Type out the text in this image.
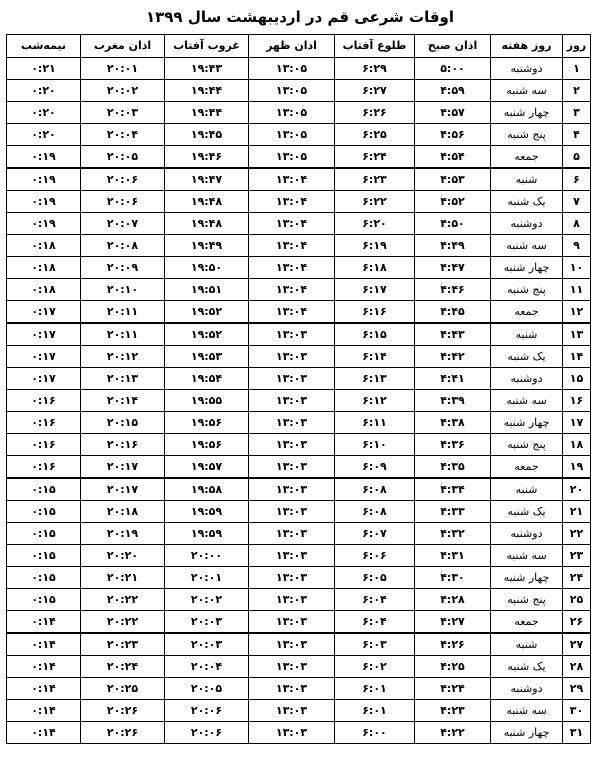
اوقات شرعی قم در اردیبهشت سال ۱۳۹۹
روز	روز هفته	اذان صبح	طلوع آفتاب	اذان ظهر	غروب آفتاب	اذان مغرب	نیمه‌شب
۱	دوشنبه	۵:۰۰	۶:۲۹	۱۳:۰۵	۱۹:۴۳	۲۰:۰۱	۰:۲۱
۲	سه شنبه	۴:۵۹	۶:۲۷	۱۳:۰۵	۱۹:۴۴	۲۰:۰۲	۰:۲۰
۳	چهار شنبه	۴:۵۷	۶:۲۶	۱۳:۰۵	۱۹:۴۴	۲۰:۰۳	۰:۲۰
۴	پنج شنبه	۴:۵۶	۶:۲۵	۱۳:۰۵	۱۹:۴۵	۲۰:۰۴	۰:۲۰
۵	جمعه	۴:۵۴	۶:۲۴	۱۳:۰۵	۱۹:۴۶	۲۰:۰۵	۰:۱۹
۶	شنبه	۴:۵۳	۶:۲۳	۱۳:۰۴	۱۹:۴۷	۲۰:۰۶	۰:۱۹
۷	یک شنبه	۴:۵۲	۶:۲۲	۱۳:۰۴	۱۹:۴۸	۲۰:۰۶	۰:۱۹
۸	دوشنبه	۴:۵۰	۶:۲۰	۱۳:۰۴	۱۹:۴۸	۲۰:۰۷	۰:۱۹
۹	سه شنبه	۴:۴۹	۶:۱۹	۱۳:۰۴	۱۹:۴۹	۲۰:۰۸	۰:۱۸
۱۰	چهار شنبه	۴:۴۷	۶:۱۸	۱۳:۰۴	۱۹:۵۰	۲۰:۰۹	۰:۱۸
۱۱	پنج شنبه	۴:۴۶	۶:۱۷	۱۳:۰۴	۱۹:۵۱	۲۰:۱۰	۰:۱۸
۱۲	جمعه	۴:۴۵	۶:۱۶	۱۳:۰۴	۱۹:۵۲	۲۰:۱۱	۰:۱۷
۱۳	شنبه	۴:۴۳	۶:۱۵	۱۳:۰۳	۱۹:۵۲	۲۰:۱۱	۰:۱۷
۱۴	یک شنبه	۴:۴۲	۶:۱۴	۱۳:۰۳	۱۹:۵۳	۲۰:۱۲	۰:۱۷
۱۵	دوشنبه	۴:۴۱	۶:۱۳	۱۳:۰۳	۱۹:۵۴	۲۰:۱۳	۰:۱۷
۱۶	سه شنبه	۴:۳۹	۶:۱۲	۱۳:۰۳	۱۹:۵۵	۲۰:۱۴	۰:۱۶
۱۷	چهار شنبه	۴:۳۸	۶:۱۱	۱۳:۰۳	۱۹:۵۶	۲۰:۱۵	۰:۱۶
۱۸	پنج شنبه	۴:۳۶	۶:۱۰	۱۳:۰۳	۱۹:۵۶	۲۰:۱۶	۰:۱۶
۱۹	جمعه	۴:۳۵	۶:۰۹	۱۳:۰۳	۱۹:۵۷	۲۰:۱۷	۰:۱۶
۲۰	شنبه	۴:۳۴	۶:۰۸	۱۳:۰۳	۱۹:۵۸	۲۰:۱۷	۰:۱۵
۲۱	یک شنبه	۴:۳۳	۶:۰۸	۱۳:۰۳	۱۹:۵۹	۲۰:۱۸	۰:۱۵
۲۲	دوشنبه	۴:۳۲	۶:۰۷	۱۳:۰۳	۱۹:۵۹	۲۰:۱۹	۰:۱۵
۲۳	سه شنبه	۴:۳۱	۶:۰۶	۱۳:۰۳	۲۰:۰۰	۲۰:۲۰	۰:۱۵
۲۴	چهار شنبه	۴:۳۰	۶:۰۵	۱۳:۰۳	۲۰:۰۱	۲۰:۲۱	۰:۱۵
۲۵	پنج شنبه	۴:۲۸	۶:۰۴	۱۳:۰۳	۲۰:۰۲	۲۰:۲۲	۰:۱۵
۲۶	جمعه	۴:۲۷	۶:۰۴	۱۳:۰۳	۲۰:۰۳	۲۰:۲۲	۰:۱۴
۲۷	شنبه	۴:۲۶	۶:۰۳	۱۳:۰۳	۲۰:۰۳	۲۰:۲۳	۰:۱۴
۲۸	یک شنبه	۴:۲۵	۶:۰۲	۱۳:۰۳	۲۰:۰۴	۲۰:۲۴	۰:۱۴
۲۹	دوشنبه	۴:۲۴	۶:۰۱	۱۳:۰۳	۲۰:۰۵	۲۰:۲۵	۰:۱۴
۳۰	سه شنبه	۴:۲۳	۶:۰۱	۱۳:۰۳	۲۰:۰۶	۲۰:۲۶	۰:۱۴
۳۱	چهار شنبه	۴:۲۲	۶:۰۰	۱۳:۰۳	۲۰:۰۶	۲۰:۲۶	۰:۱۴
